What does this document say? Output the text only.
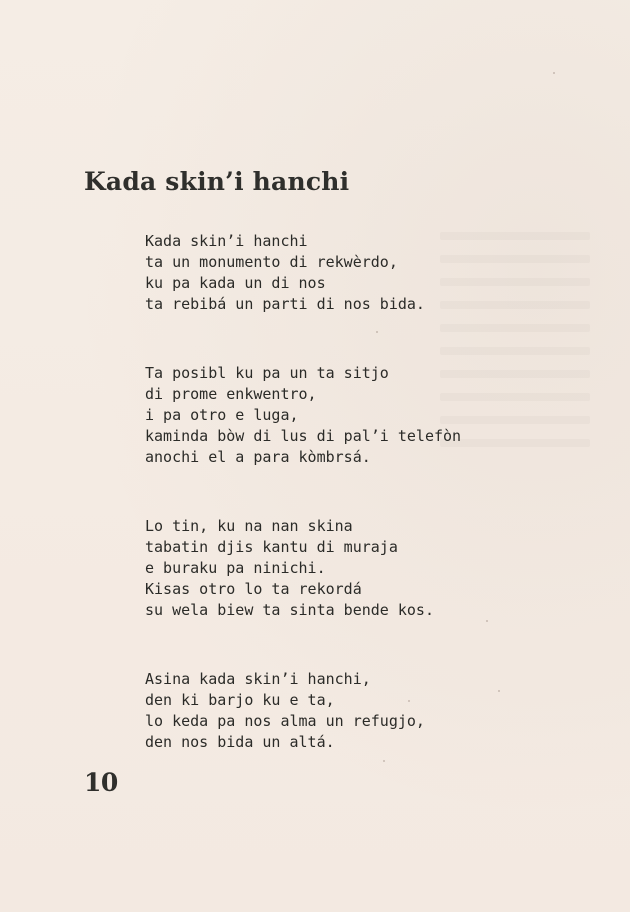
Kada skin’i hanchi
Kada skin’i hanchi
ta un monumento di rekwèrdo,
ku pa kada un di nos
ta rebibá un parti di nos bida.
Ta posibl ku pa un ta sitjo
di prome enkwentro,
i pa otro e luga,
kaminda bòw di lus di pal’i telefòn
anochi el a para kòmbrsá.
Lo tin, ku na nan skina
tabatin djis kantu di muraja
e buraku pa ninichi.
Kisas otro lo ta rekordá
su wela biew ta sinta bende kos.
Asina kada skin’i hanchi,
den ki barjo ku e ta,
lo keda pa nos alma un refugjo,
den nos bida un altá.
10
